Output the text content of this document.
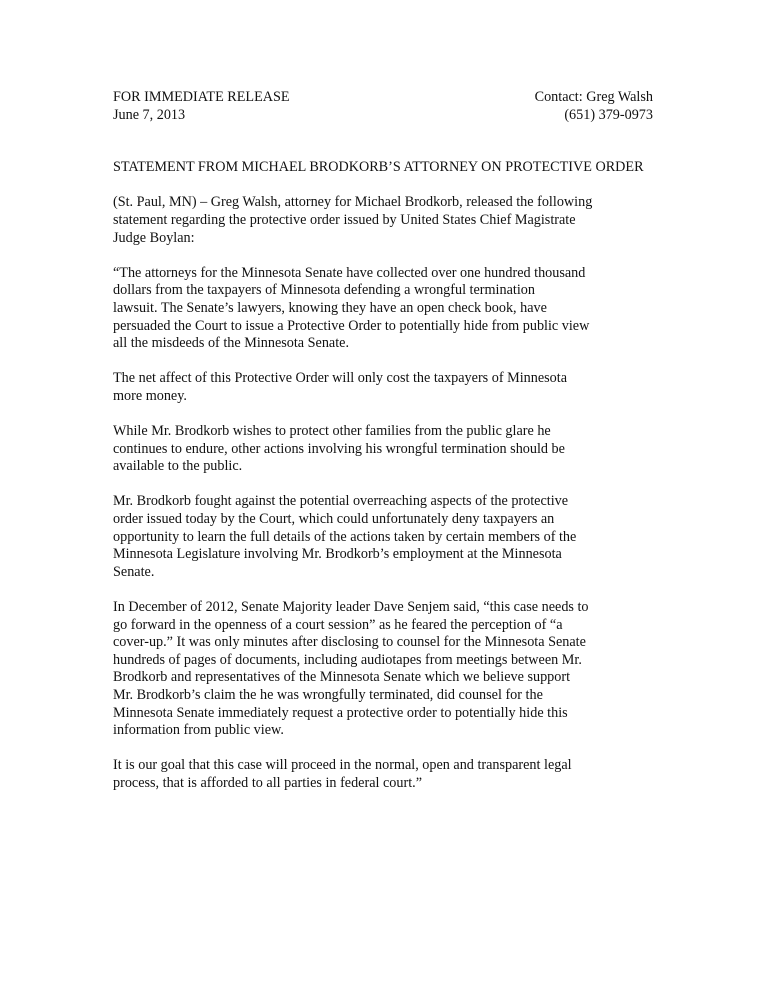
FOR IMMEDIATE RELEASE
June 7, 2013
Contact: Greg Walsh
(651) 379-0973
STATEMENT FROM MICHAEL BRODKORB’S ATTORNEY ON PROTECTIVE ORDER
(St. Paul, MN) – Greg Walsh, attorney for Michael Brodkorb, released the following
statement regarding the protective order issued by United States Chief Magistrate
Judge Boylan:
“The attorneys for the Minnesota Senate have collected over one hundred thousand
dollars from the taxpayers of Minnesota defending a wrongful termination
lawsuit. The Senate’s lawyers, knowing they have an open check book, have
persuaded the Court to issue a Protective Order to potentially hide from public view
all the misdeeds of the Minnesota Senate.
The net affect of this Protective Order will only cost the taxpayers of Minnesota
more money.
While Mr. Brodkorb wishes to protect other families from the public glare he
continues to endure, other actions involving his wrongful termination should be
available to the public.
Mr. Brodkorb fought against the potential overreaching aspects of the protective
order issued today by the Court, which could unfortunately deny taxpayers an
opportunity to learn the full details of the actions taken by certain members of the
Minnesota Legislature involving Mr. Brodkorb’s employment at the Minnesota
Senate.
In December of 2012, Senate Majority leader Dave Senjem said, “this case needs to
go forward in the openness of a court session” as he feared the perception of “a
cover-up.” It was only minutes after disclosing to counsel for the Minnesota Senate
hundreds of pages of documents, including audiotapes from meetings between Mr.
Brodkorb and representatives of the Minnesota Senate which we believe support
Mr. Brodkorb’s claim the he was wrongfully terminated, did counsel for the
Minnesota Senate immediately request a protective order to potentially hide this
information from public view.
It is our goal that this case will proceed in the normal, open and transparent legal
process, that is afforded to all parties in federal court.”
